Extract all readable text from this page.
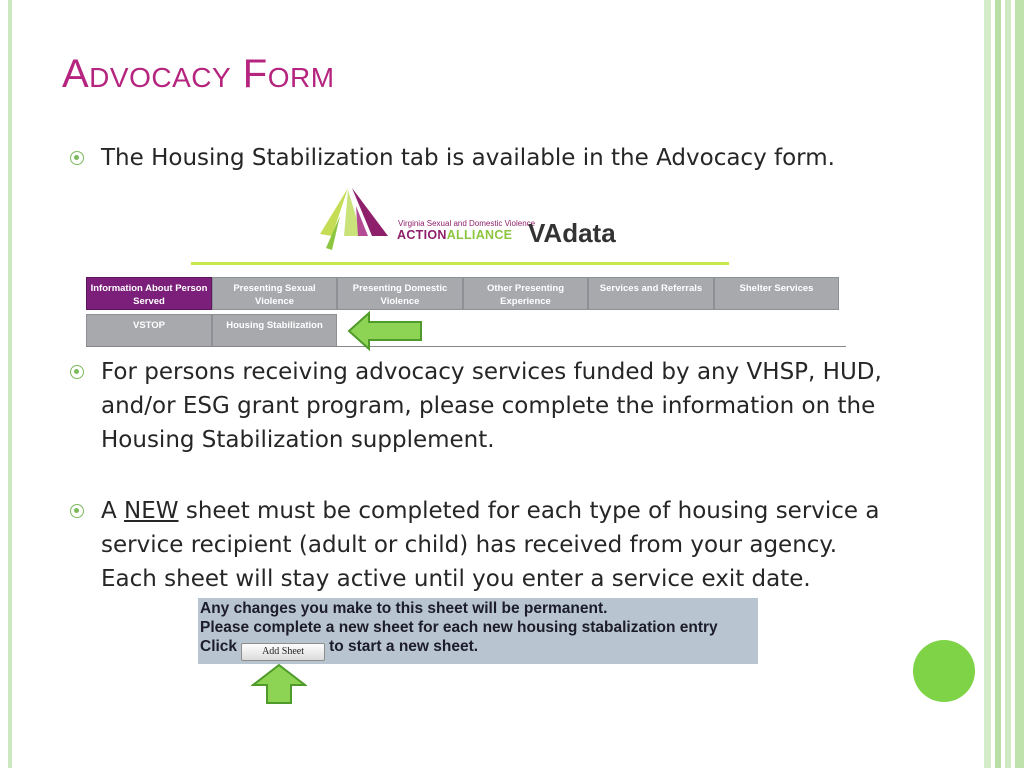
Advocacy Form
The Housing Stabilization tab is available in the Advocacy form.
Virginia Sexual and Domestic Violence
ACTIONALLIANCE VAdata
Information About Person Served
Presenting Sexual Violence
Presenting Domestic Violence
Other Presenting Experience
Services and Referrals	Shelter Services
VSTOP	Housing Stabilization
For persons receiving advocacy services funded by any VHSP, HUD, and/or ESG grant program, please complete the information on the Housing Stabilization supplement.
A NEW sheet must be completed for each type of housing service a service recipient (adult or child) has received from your agency. Each sheet will stay active until you enter a service exit date.
Any changes you make to this sheet will be permanent.
Please complete a new sheet for each new housing stabalization entry
Click	Add Sheet to start a new sheet.
